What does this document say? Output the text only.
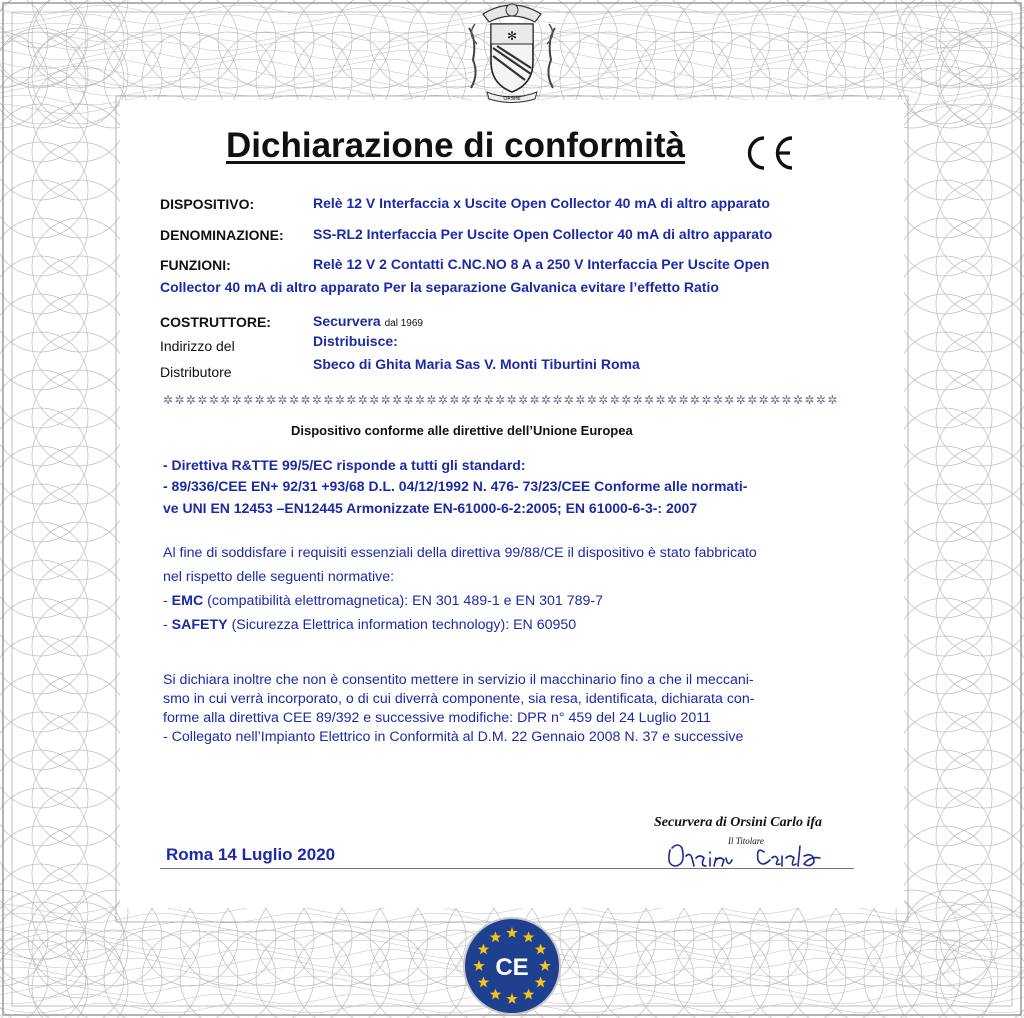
✻
ORSINI
Dichiarazione di conformità
DISPOSITIVO:	Relè 12 V Interfaccia x Uscite Open Collector 40 mA di altro apparato
DENOMINAZIONE: SS-RL2 Interfaccia Per Uscite Open Collector 40 mA di altro apparato
FUNZIONI:	Relè 12 V 2 Contatti C.NC.NO 8 A a 250 V Interfaccia Per Uscite Open
Collector 40 mA di altro apparato Per la separazione Galvanica evitare l’effetto Ratio
COSTRUTTORE:	Securvera dal 1969
Indirizzo del	Distribuisce:
Distributore	Sbeco di Ghita Maria Sas V. Monti Tiburtini Roma
✲✲✲✲✲✲✲✲✲✲✲✲✲✲✲✲✲✲✲✲✲✲✲✲✲✲✲✲✲✲✲✲✲✲✲✲✲✲✲✲✲✲✲✲✲✲✲✲✲✲✲✲✲✲✲✲✲✲✲
Dispositivo conforme alle direttive dell’Unione Europea
- Direttiva R&TTE 99/5/EC risponde a tutti gli standard:
- 89/336/CEE EN+ 92/31 +93/68 D.L. 04/12/1992 N. 476- 73/23/CEE Conforme alle normati-
ve UNI EN 12453 –EN12445 Armonizzate EN-61000-6-2:2005; EN 61000-6-3-: 2007
Al fine di soddisfare i requisiti essenziali della direttiva 99/88/CE il dispositivo è stato fabbricato
nel rispetto delle seguenti normative:
- EMC (compatibilità elettromagnetica): EN 301 489-1 e EN 301 789-7
- SAFETY (Sicurezza Elettrica information technology): EN 60950
Si dichiara inoltre che non è consentito mettere in servizio il macchinario fino a che il meccani-
smo in cui verrà incorporato, o di cui diverrà componente, sia resa, identificata, dichiarata con-
forme alla direttiva CEE 89/392 e successive modifiche: DPR n° 459 del 24 Luglio 2011
- Collegato nell’Impianto Elettrico in Conformità al D.M. 22 Gennaio 2008 N. 37 e successive
Securvera di Orsini Carlo ifa
Il Titolare
Orsini Carlo
Roma 14 Luglio 2020
CE
